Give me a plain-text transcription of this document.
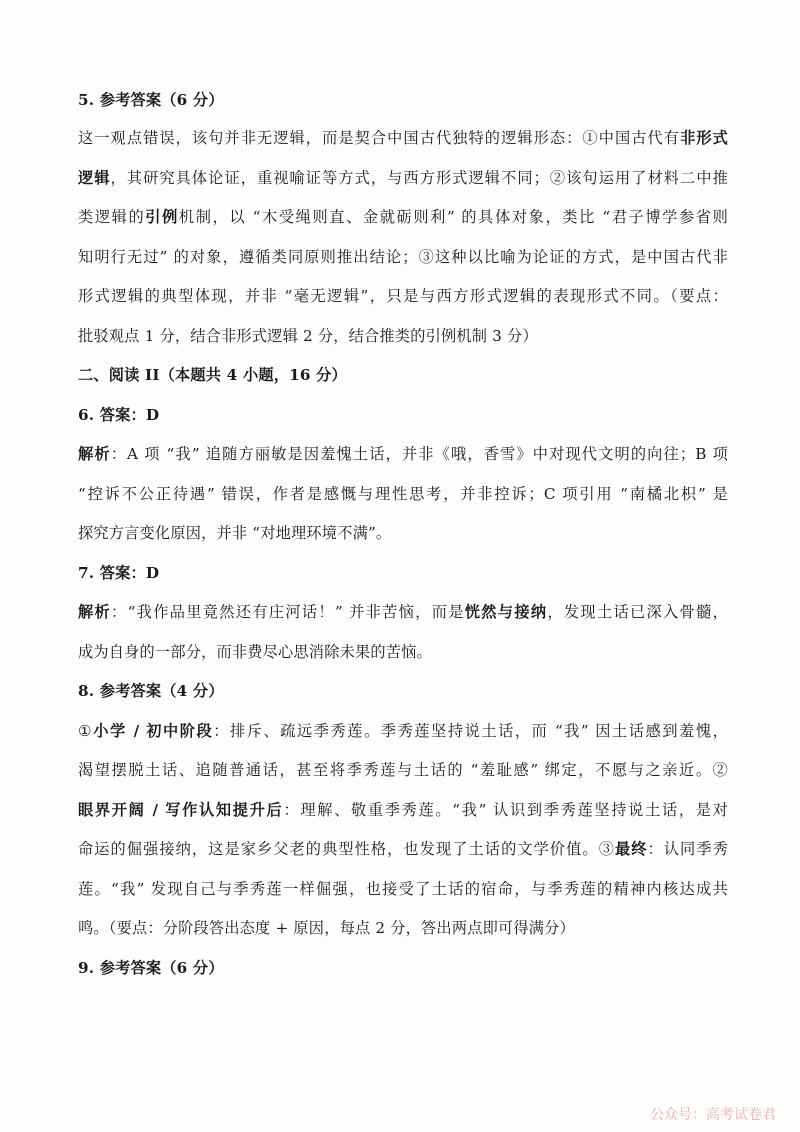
5. 参考答案（6 分）
这一观点错误，该句并非无逻辑，而是契合中国古代独特的逻辑形态：①中国古代有非形式
逻辑，其研究具体论证，重视喻证等方式，与西方形式逻辑不同；②该句运用了材料二中推
类逻辑的引例机制，以 “木受绳则直、金就砺则利” 的具体对象，类比 “君子博学参省则
知明行无过” 的对象，遵循类同原则推出结论；③这种以比喻为论证的方式，是中国古代非
形式逻辑的典型体现，并非 “毫无逻辑”，只是与西方形式逻辑的表现形式不同。（要点：
批驳观点 1 分，结合非形式逻辑 2 分，结合推类的引例机制 3 分）
二、阅读 II（本题共 4 小题，16 分）
6. 答案：D
解析：A 项 “我” 追随方丽敏是因羞愧土话，并非《哦，香雪》中对现代文明的向往；B 项
“控诉不公正待遇” 错误，作者是感慨与理性思考，并非控诉；C 项引用 “南橘北枳” 是
探究方言变化原因，并非 “对地理环境不满”。
7. 答案：D
解析：“我作品里竟然还有庄河话！” 并非苦恼，而是恍然与接纳，发现土话已深入骨髓，
成为自身的一部分，而非费尽心思消除未果的苦恼。
8. 参考答案（4 分）
①小学 / 初中阶段：排斥、疏远季秀莲。季秀莲坚持说土话，而 “我” 因土话感到羞愧，
渴望摆脱土话、追随普通话，甚至将季秀莲与土话的 “羞耻感” 绑定，不愿与之亲近。②
眼界开阔 / 写作认知提升后：理解、敬重季秀莲。“我” 认识到季秀莲坚持说土话，是对
命运的倔强接纳，这是家乡父老的典型性格，也发现了土话的文学价值。③最终：认同季秀
莲。“我” 发现自己与季秀莲一样倔强，也接受了土话的宿命，与季秀莲的精神内核达成共
鸣。（要点：分阶段答出态度 + 原因，每点 2 分，答出两点即可得满分）
9. 参考答案（6 分）
公众号：高考试卷君
